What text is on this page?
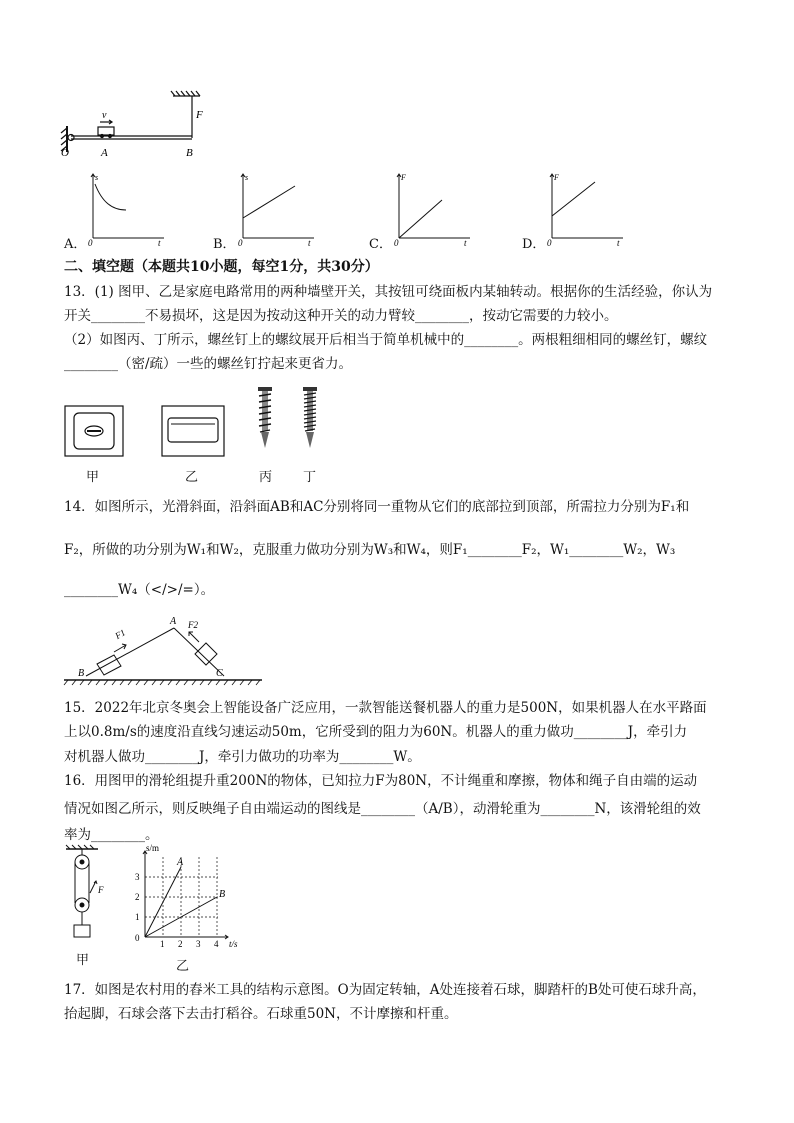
v	F
O	A	B
s
0	t
A．
s
0	t
B．
F
0	t
C．
F
0	t
D．
二、填空题（本题共10小题，每空1分，共30分）
13．(1) 图甲、乙是家庭电路常用的两种墙壁开关，其按钮可绕面板内某轴转动。根据你的生活经验，你认为
开关________不易损坏，这是因为按动这种开关的动力臂较________，按动它需要的力较小。
（2）如图丙、丁所示，螺丝钉上的螺纹展开后相当于简单机械中的________。两根粗细相同的螺丝钉，螺纹
________（密/疏）一些的螺丝钉拧起来更省力。
甲	乙	丙 丁
14．如图所示，光滑斜面，沿斜面AB和AC分别将同一重物从它们的底部拉到顶部，所需拉力分别为F₁和
F₂，所做的功分别为W₁和W₂，克服重力做功分别为W₃和W₄，则F₁________F₂，W₁________W₂，W₃
________W₄（</>/=）。
F1
F2
A
B	C
15．2022年北京冬奥会上智能设备广泛应用，一款智能送餐机器人的重力是500N，如果机器人在水平路面
上以0.8m/s的速度沿直线匀速运动50m，它所受到的阻力为60N。机器人的重力做功________J，牵引力
对机器人做功________J，牵引力做功的功率为________W。
16．用图甲的滑轮组提升重200N的物体，已知拉力F为80N，不计绳重和摩擦，物体和绳子自由端的运动
情况如图乙所示，则反映绳子自由端运动的图线是________（A/B），动滑轮重为________N，该滑轮组的效
率为________。
F
甲
s/m
3
2
1
0
1 2 3 4 t/s
A
B
乙
17．如图是农村用的舂米工具的结构示意图。O为固定转轴，A处连接着石球，脚踏杆的B处可使石球升高，
抬起脚，石球会落下去击打稻谷。石球重50N，不计摩擦和杆重。
